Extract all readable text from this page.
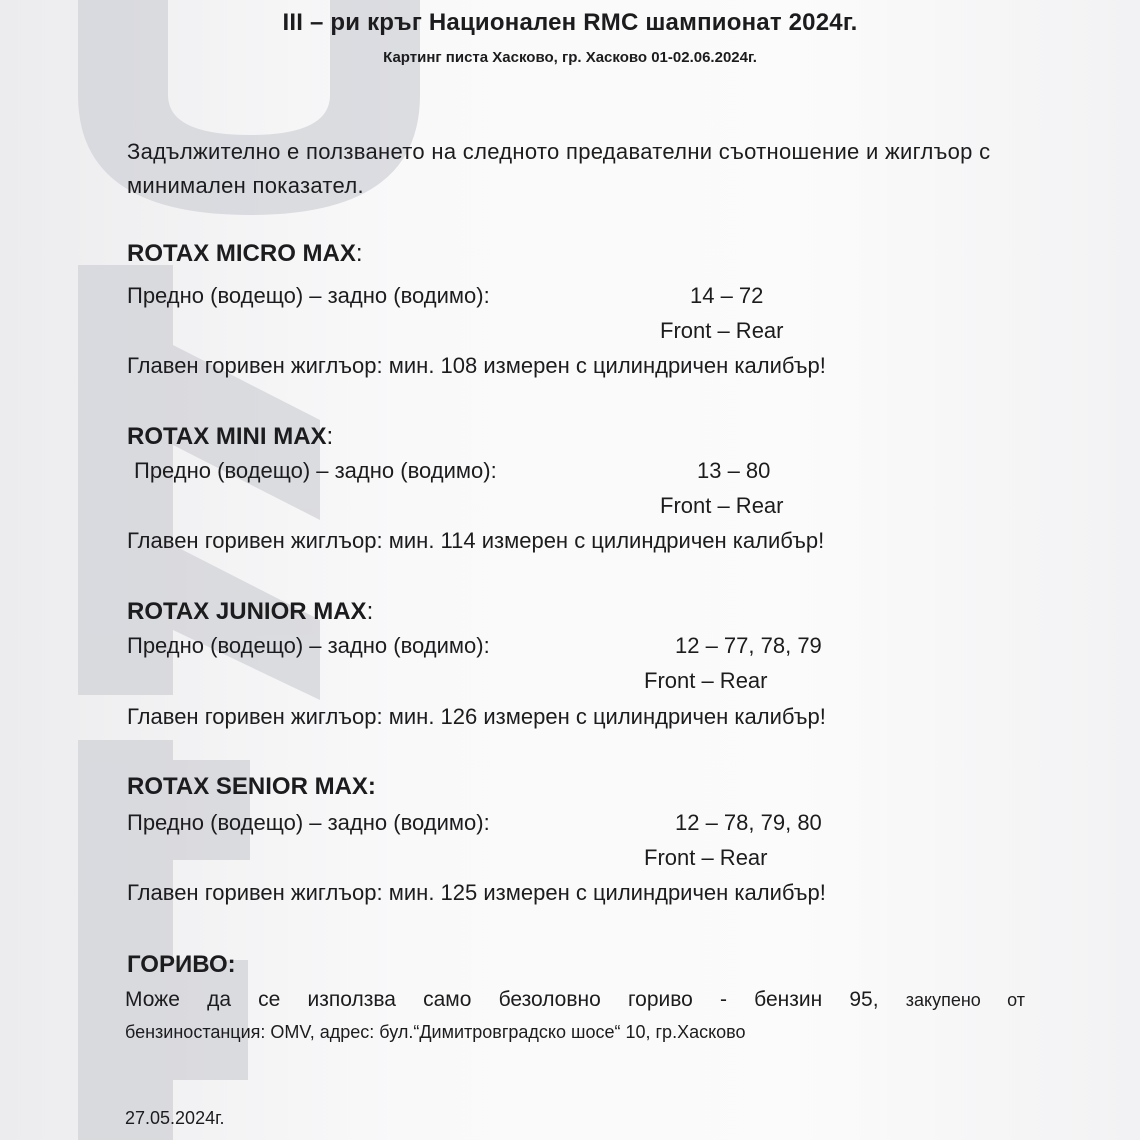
III – ри кръг Национален RMC шампионат 2024г.
Картинг писта Хасково, гр. Хасково 01-02.06.2024г.
Задължително е ползването на следното предавателни съотношение и жиглъор с минимален показател.
ROTAX MICRO MAX:
Предно (водещо) – задно (водимо):	14 – 72
Front – Rear
Главен горивен жиглъор: мин. 108 измерен с цилиндричен калибър!
ROTAX MINI MAX:
Предно (водещо) – задно (водимо):	13 – 80
Front – Rear
Главен горивен жиглъор: мин. 114 измерен с цилиндричен калибър!
ROTAX JUNIOR MAX:
Предно (водещо) – задно (водимо):	12 – 77, 78, 79
Front – Rear
Главен горивен жиглъор: мин. 126 измерен с цилиндричен калибър!
ROTAX SENIOR MAX:
Предно (водещо) – задно (водимо):	12 – 78, 79, 80
Front – Rear
Главен горивен жиглъор: мин. 125 измерен с цилиндричен калибър!
ГОРИВО:
Може да се използва само безоловно гориво - бензин 95, закупено от
бензиностанция: OMV, адрес: бул.“Димитровградско шосе“ 10, гр.Хасково
27.05.2024г.
